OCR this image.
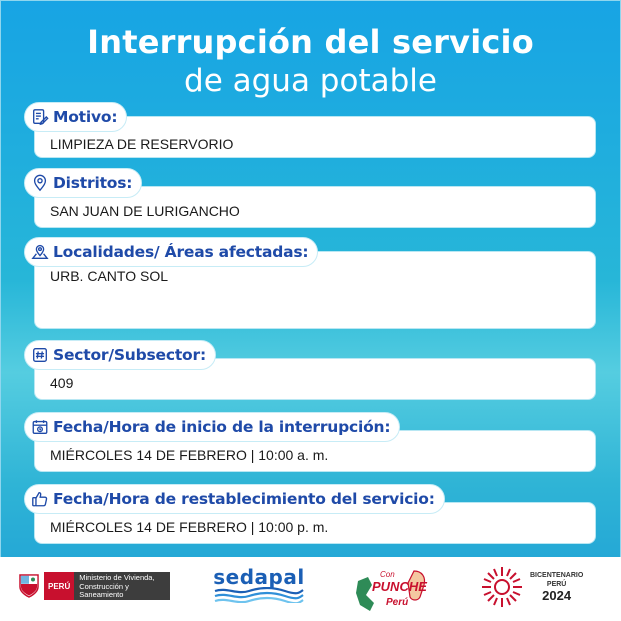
Interrupción del servicio
de agua potable
LIMPIEZA DE RESERVORIO
Motivo:
SAN JUAN DE LURIGANCHO
Distritos:
URB. CANTO SOL
Localidades/ Áreas afectadas:
409
Sector/Subsector:
MIÉRCOLES 14 DE FEBRERO | 10:00 a. m.
Fecha/Hora de inicio de la interrupción:
MIÉRCOLES 14 DE FEBRERO | 10:00 p. m.
Fecha/Hora de restablecimiento del servicio:
PERÚ
Ministerio de Vivienda, Construcción y Saneamiento
sedapal	Con
PUNCHE
Perú
BICENTENARIO
PERÚ
2024
